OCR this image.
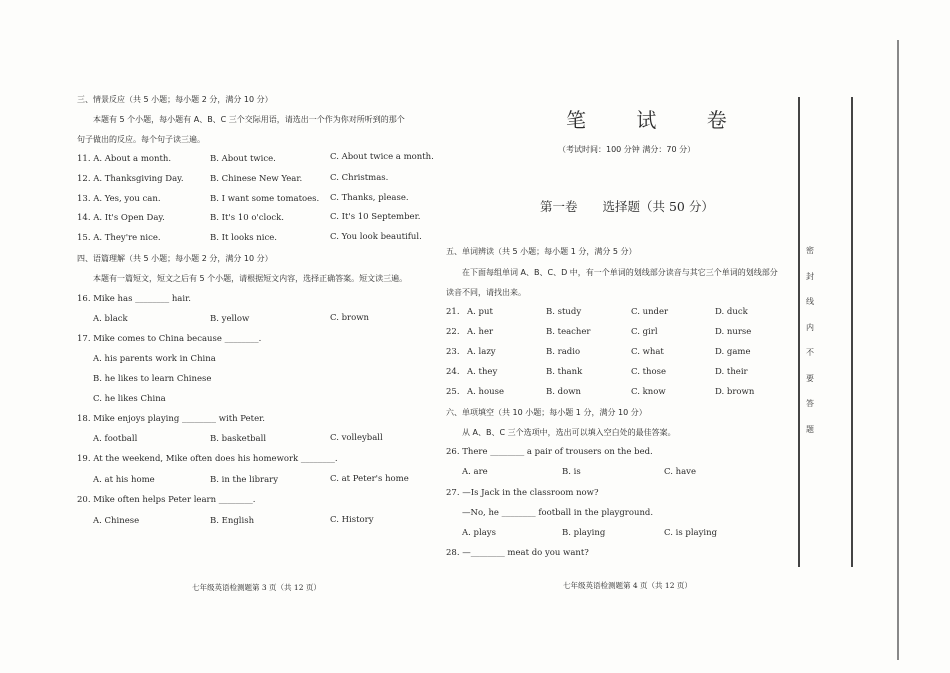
三、情景反应（共 5 小题；每小题 2 分，满分 10 分）
本题有 5 个小题，每小题有 A、B、C 三个交际用语，请选出一个作为你对所听到的那个
句子做出的反应。每个句子读三遍。
11. A. About a month.	B. About twice.	C. About twice a month.
12. A. Thanksgiving Day.	B. Chinese New Year.	C. Christmas.
13. A. Yes, you can.	B. I want some tomatoes. C. Thanks, please.
14. A. It's Open Day.	B. It's 10 o'clock.	C. It's 10 September.
15. A. They're nice.	B. It looks nice.	C. You look beautiful.
四、语篇理解（共 5 小题；每小题 2 分，满分 10 分）
本题有一篇短文，短文之后有 5 个小题，请根据短文内容，选择正确答案。短文读三遍。
16. Mike has ________ hair.
A. black	B. yellow	C. brown
17. Mike comes to China because ________.
A. his parents work in China
B. he likes to learn Chinese
C. he likes China
18. Mike enjoys playing ________ with Peter.
A. football	B. basketball	C. volleyball
19. At the weekend, Mike often does his homework ________.
A. at his home	B. in the library	C. at Peter's home
20. Mike often helps Peter learn ________.
A. Chinese	B. English	C. History
七年级英语检测题第 3 页（共 12 页）
笔 试 卷
（考试时间：100 分钟 满分：70 分）
第一卷　　选择题（共 50 分）
五、单词辨读（共 5 小题；每小题 1 分，满分 5 分）
在下面每组单词 A、B、C、D 中，有一个单词的划线部分读音与其它三个单词的划线部分
读音不同，请找出来。
21. A. put	B. study	C. under	D. duck
22. A. her	B. teacher	C. girl	D. nurse
23. A. lazy	B. radio	C. what	D. game
24. A. they	B. thank	C. those	D. their
25. A. house	B. down	C. know	D. brown
六、单项填空（共 10 小题；每小题 1 分，满分 10 分）
从 A、B、C 三个选项中，选出可以填入空白处的最佳答案。
26. There ________ a pair of trousers on the bed.
A. are	B. is	C. have
27. —Is Jack in the classroom now?
—No, he ________ football in the playground.
A. plays	B. playing	C. is playing
28. —________ meat do you want?
七年级英语检测题第 4 页（共 12 页）
密
封
线
内
不
要
答
题
